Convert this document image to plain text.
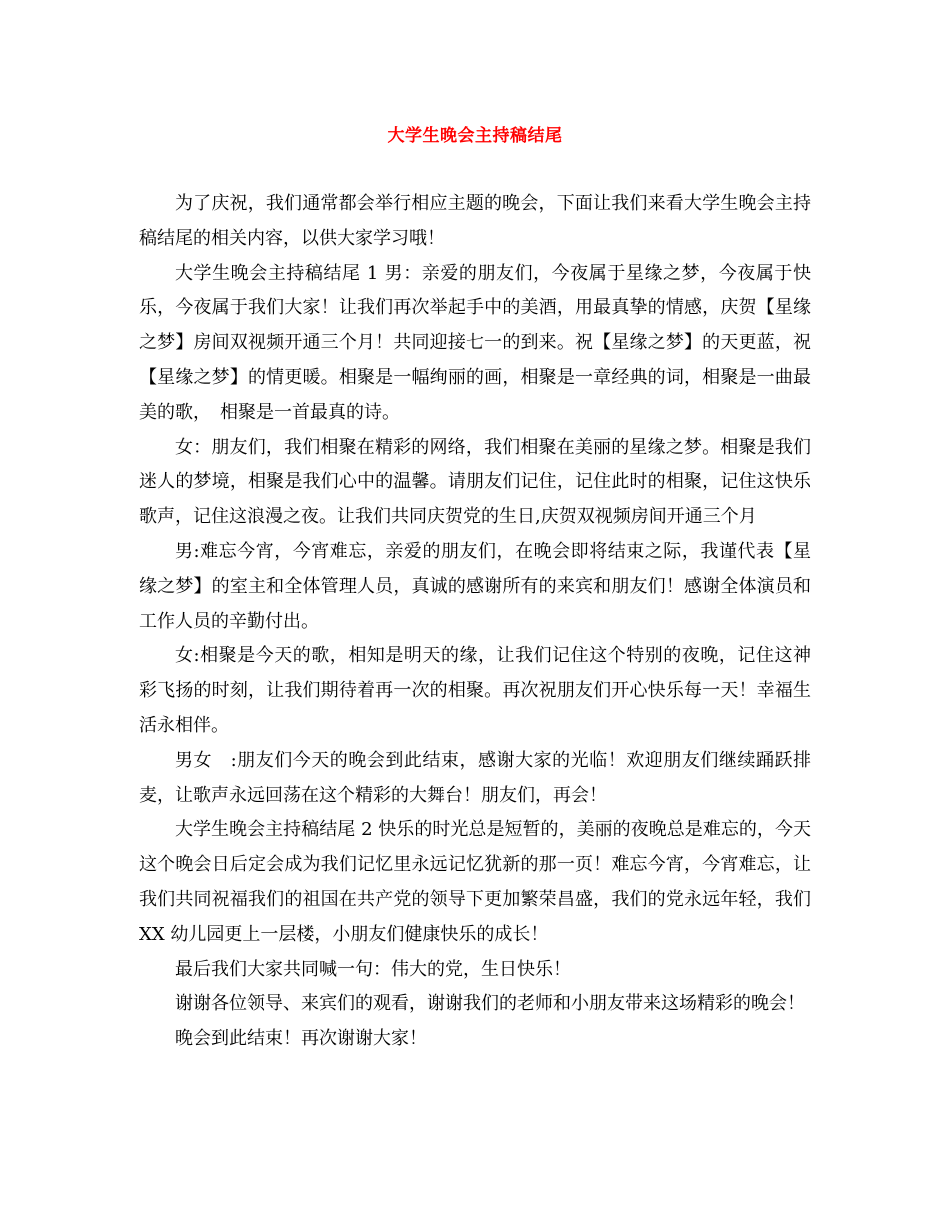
大学生晚会主持稿结尾

为了庆祝，我们通常都会举行相应主题的晚会，下面让我们来看大学生晚会主持稿结尾的相关内容，以供大家学习哦！

大学生晚会主持稿结尾 1 男：亲爱的朋友们，今夜属于星缘之梦，今夜属于快乐，今夜属于我们大家！让我们再次举起手中的美酒，用最真挚的情感，庆贺【星缘之梦】房间双视频开通三个月！共同迎接七一的到来。祝【星缘之梦】的天更蓝，祝【星缘之梦】的情更暖。相聚是一幅绚丽的画，相聚是一章经典的词，相聚是一曲最美的歌，　相聚是一首最真的诗。

女：朋友们，我们相聚在精彩的网络，我们相聚在美丽的星缘之梦。相聚是我们迷人的梦境，相聚是我们心中的温馨。请朋友们记住，记住此时的相聚，记住这快乐歌声，记住这浪漫之夜。让我们共同庆贺党的生日,庆贺双视频房间开通三个月

男:难忘今宵，今宵难忘，亲爱的朋友们，在晚会即将结束之际，我谨代表【星缘之梦】的室主和全体管理人员，真诚的感谢所有的来宾和朋友们！感谢全体演员和工作人员的辛勤付出。

女:相聚是今天的歌，相知是明天的缘，让我们记住这个特别的夜晚，记住这神彩飞扬的时刻，让我们期待着再一次的相聚。再次祝朋友们开心快乐每一天！幸福生活永相伴。

男女　:朋友们今天的晚会到此结束，感谢大家的光临！欢迎朋友们继续踊跃排麦，让歌声永远回荡在这个精彩的大舞台！朋友们，再会！

大学生晚会主持稿结尾 2 快乐的时光总是短暂的，美丽的夜晚总是难忘的，今天这个晚会日后定会成为我们记忆里永远记忆犹新的那一页！难忘今宵，今宵难忘，让我们共同祝福我们的祖国在共产党的领导下更加繁荣昌盛，我们的党永远年轻，我们 XX 幼儿园更上一层楼，小朋友们健康快乐的成长！

最后我们大家共同喊一句：伟大的党，生日快乐！

谢谢各位领导、来宾们的观看，谢谢我们的老师和小朋友带来这场精彩的晚会！

晚会到此结束！再次谢谢大家！
